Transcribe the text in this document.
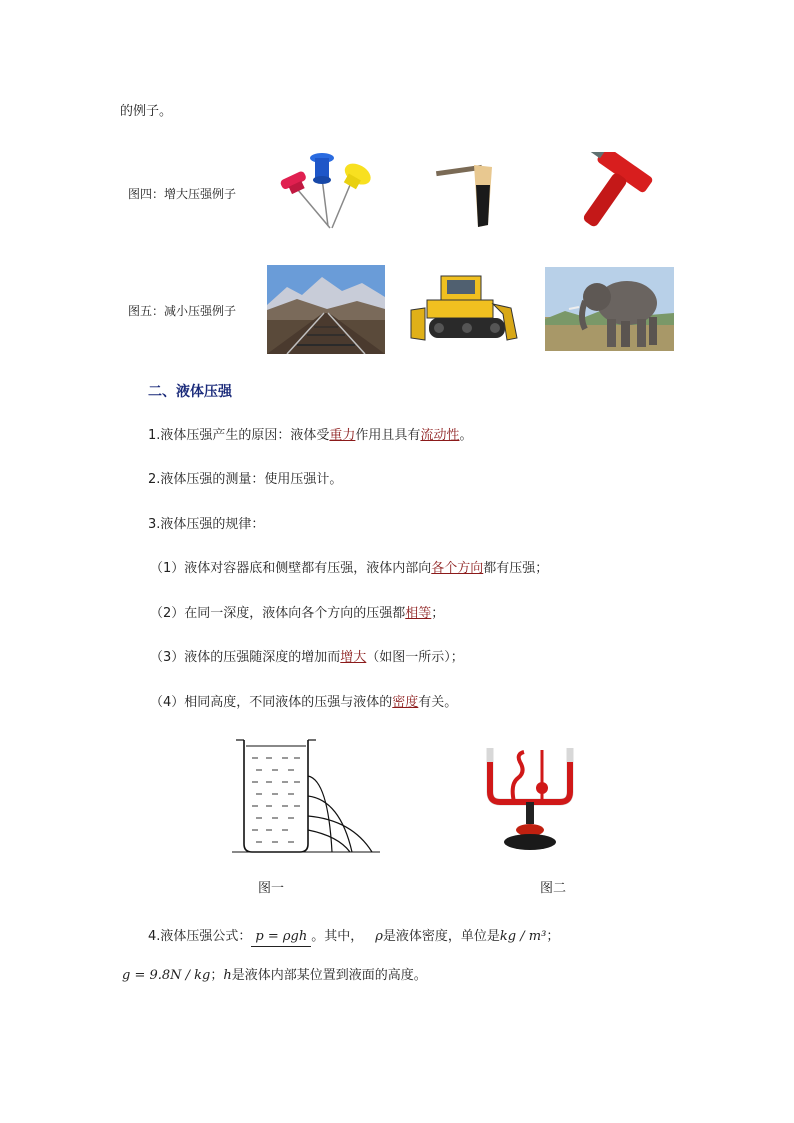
的例子。
图四：增大压强例子
图五：减小压强例子
二、液体压强
1.液体压强产生的原因：液体受重力作用且具有流动性。
2.液体压强的测量：使用压强计。
3.液体压强的规律：
（1）液体对容器底和侧壁都有压强，液体内部向各个方向都有压强；
（2）在同一深度，液体向各个方向的压强都相等；
（3）液体的压强随深度的增加而增大（如图一所示）；
（4）相同高度，不同液体的压强与液体的密度有关。
图一	图二
4.液体压强公式： p = ρgh 。其中， ρ是液体密度，单位是kg / m³；
g = 9.8N / kg；h是液体内部某位置到液面的高度。
